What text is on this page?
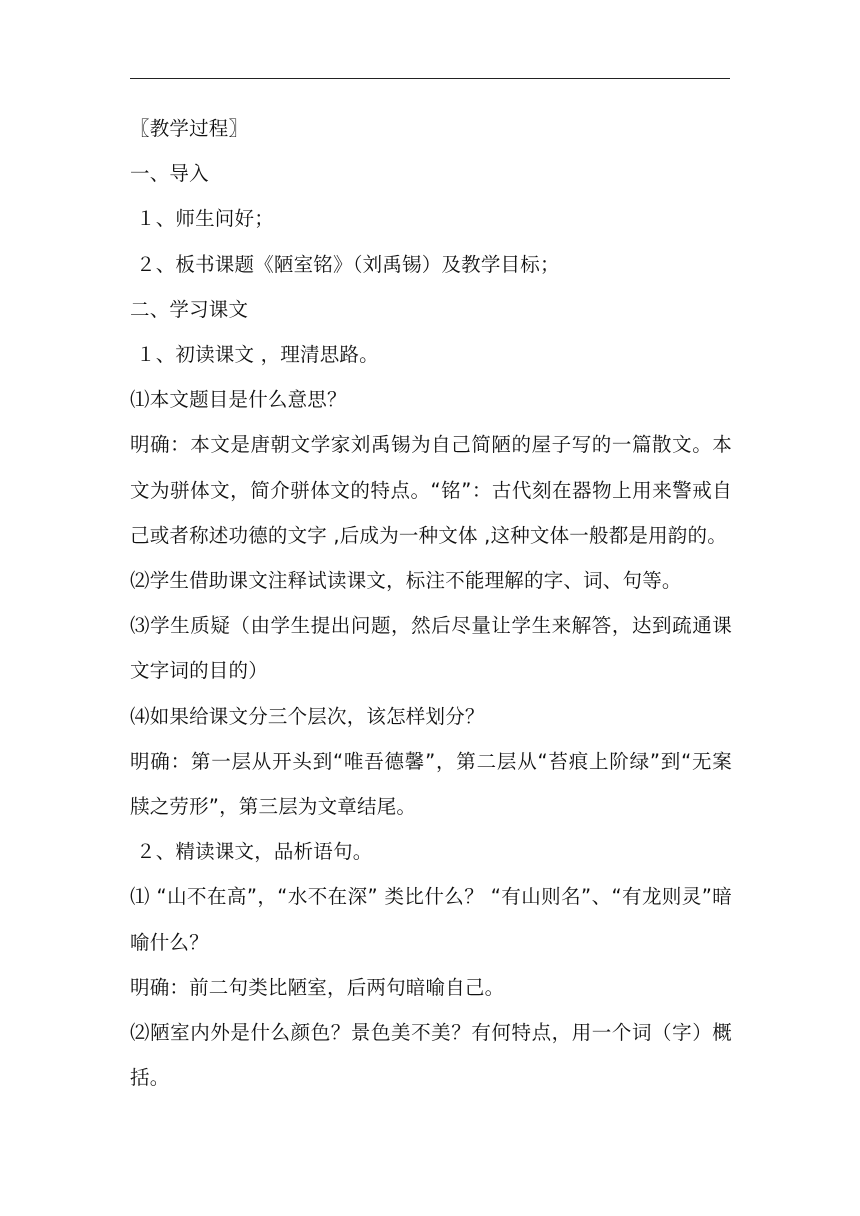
〖教学过程〗
一、导入
１、师生问好；
２、板书课题《陋室铭》（刘禹锡）及教学目标；
二、学习课文
１、初读课文 ，理清思路。
⑴本文题目是什么意思？
明确：本文是唐朝文学家刘禹锡为自己简陋的屋子写的一篇散文。本文为骈体文，简介骈体文的特点。“铭”：古代刻在器物上用来警戒自己或者称述功德的文字 ,后成为一种文体 ,这种文体一般都是用韵的。
⑵学生借助课文注释试读课文，标注不能理解的字、词、句等。
⑶学生质疑（由学生提出问题，然后尽量让学生来解答，达到疏通课文字词的目的）
⑷如果给课文分三个层次，该怎样划分？
明确：第一层从开头到“唯吾德馨”，第二层从“苔痕上阶绿”到“无案牍之劳形”，第三层为文章结尾。
２、精读课文，品析语句。
⑴ “山不在高”，“水不在深” 类比什么？ “有山则名”、“有龙则灵”暗喻什么？
明确：前二句类比陋室，后两句暗喻自己。
⑵陋室内外是什么颜色？景色美不美？有何特点，用一个词（字）概括。
